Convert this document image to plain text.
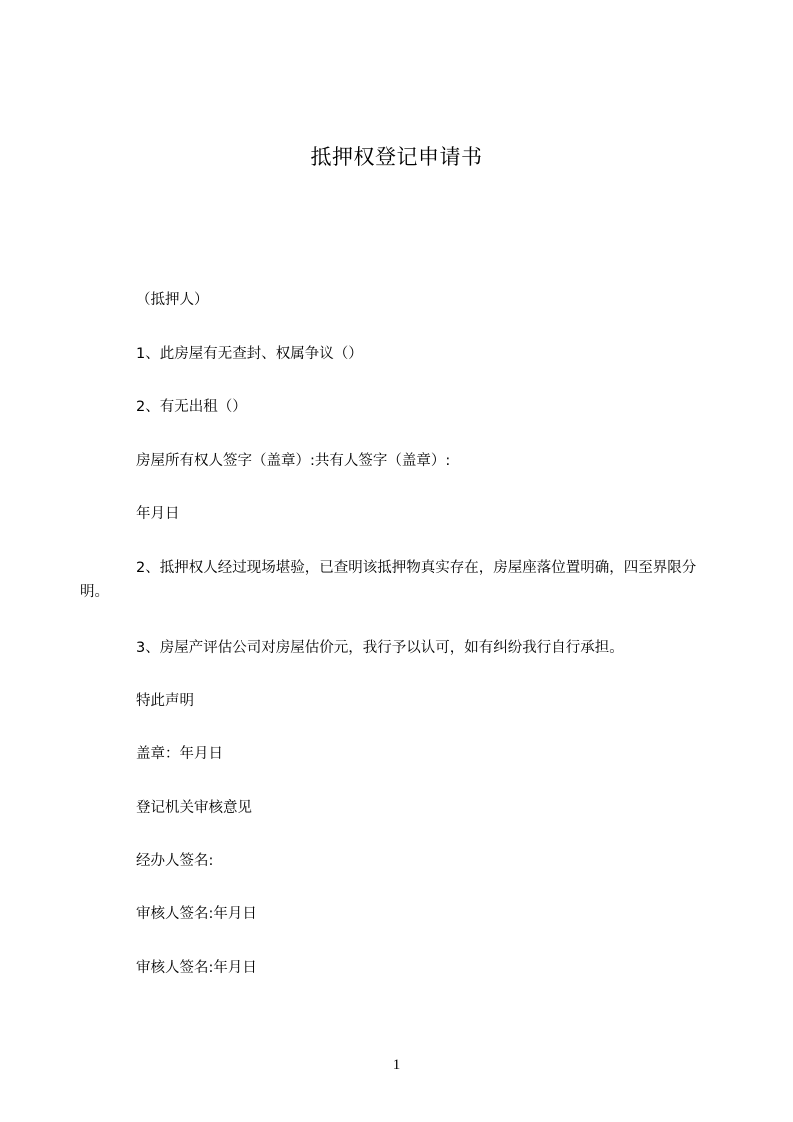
抵押权登记申请书
（抵押人）
1、此房屋有无查封、权属争议（）
2、有无出租（）
房屋所有权人签字（盖章）:共有人签字（盖章）:
年月日
2、抵押权人经过现场堪验，已查明该抵押物真实存在，房屋座落位置明确，四至界限分明。
3、房屋产评估公司对房屋估价元，我行予以认可，如有纠纷我行自行承担。
特此声明
盖章：年月日
登记机关审核意见
经办人签名:
审核人签名:年月日
审核人签名:年月日
1
